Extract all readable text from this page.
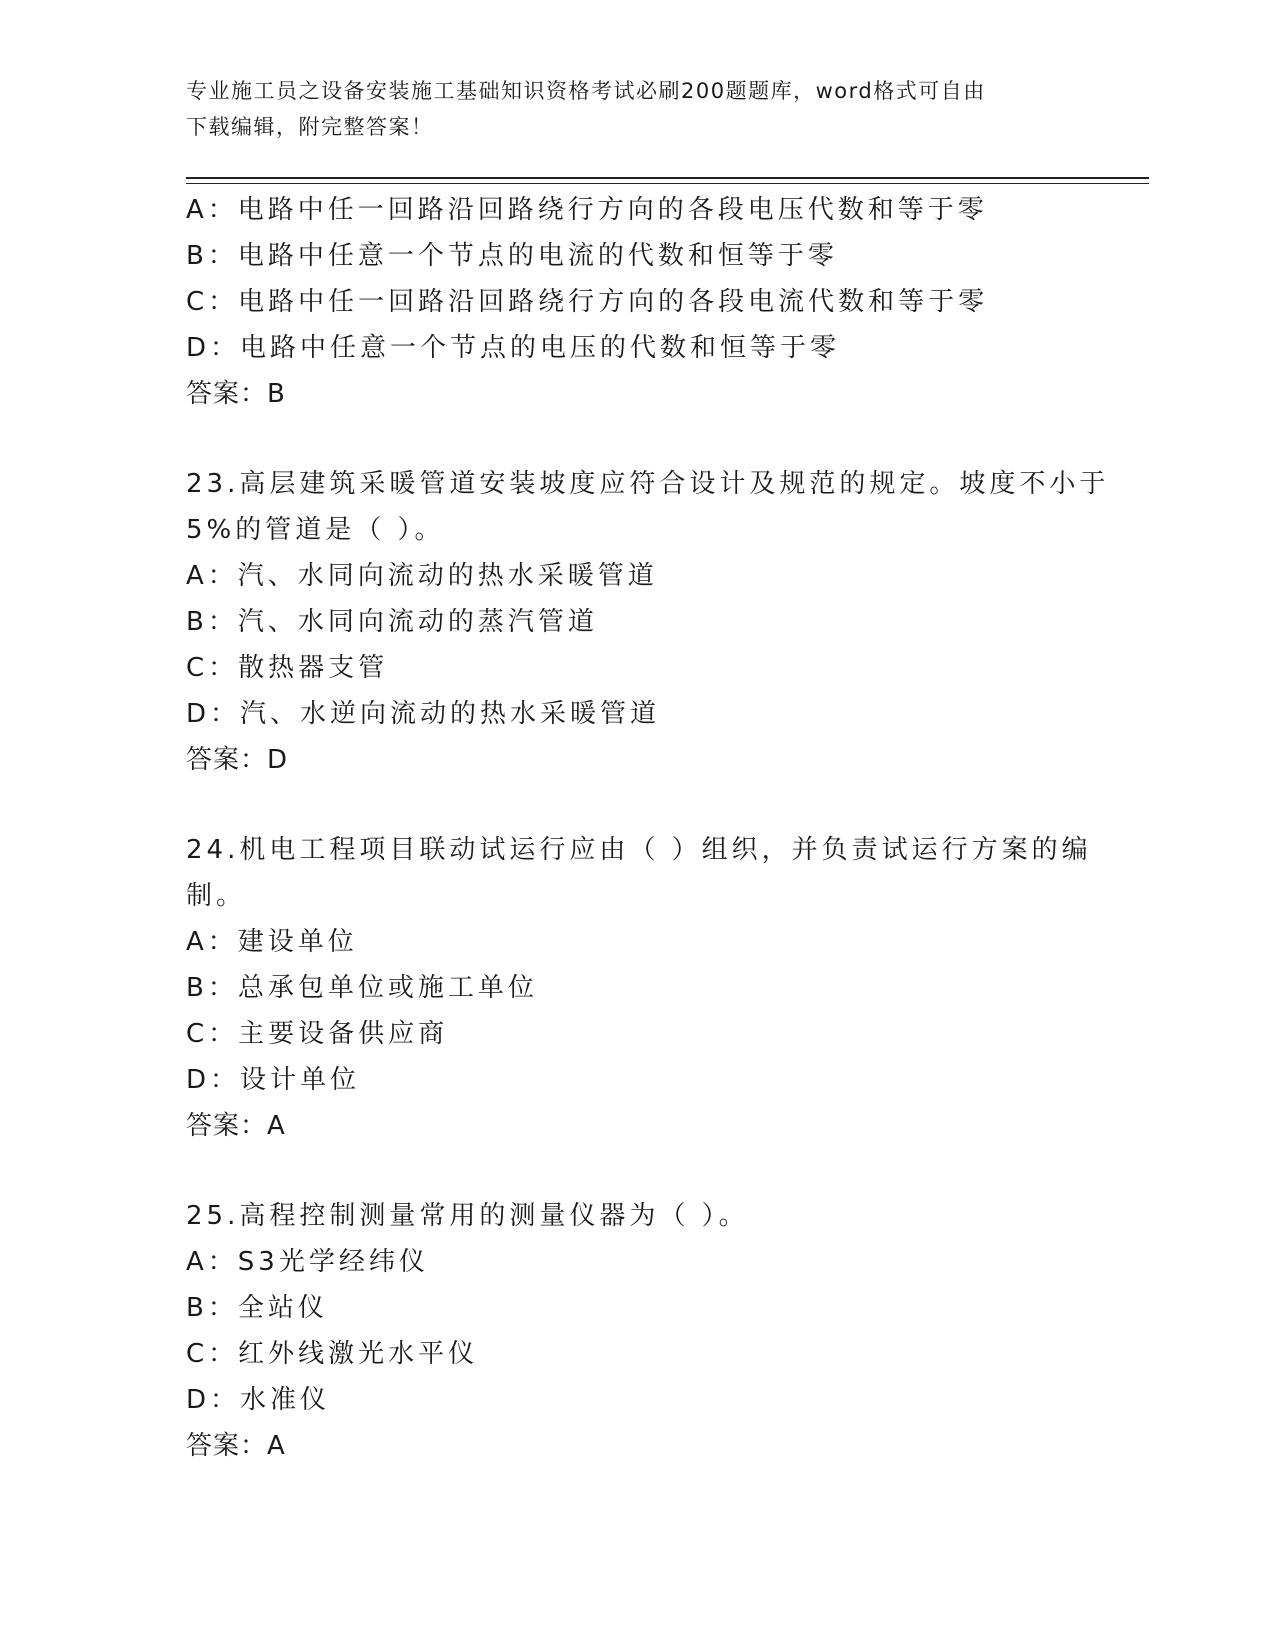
专业施工员之设备安装施工基础知识资格考试必刷200题题库，word格式可自由
下载编辑，附完整答案！
A：电路中任一回路沿回路绕行方向的各段电压代数和等于零
B：电路中任意一个节点的电流的代数和恒等于零
C：电路中任一回路沿回路绕行方向的各段电流代数和等于零
D：电路中任意一个节点的电压的代数和恒等于零
答案：B
23.高层建筑采暖管道安装坡度应符合设计及规范的规定。坡度不小于
5%的管道是（ ）。
A：汽、水同向流动的热水采暖管道
B：汽、水同向流动的蒸汽管道
C：散热器支管
D：汽、水逆向流动的热水采暖管道
答案：D
24.机电工程项目联动试运行应由（ ）组织，并负责试运行方案的编
制。
A：建设单位
B：总承包单位或施工单位
C：主要设备供应商
D：设计单位
答案：A
25.高程控制测量常用的测量仪器为（ ）。
A：S3光学经纬仪
B：全站仪
C：红外线激光水平仪
D：水准仪
答案：A
